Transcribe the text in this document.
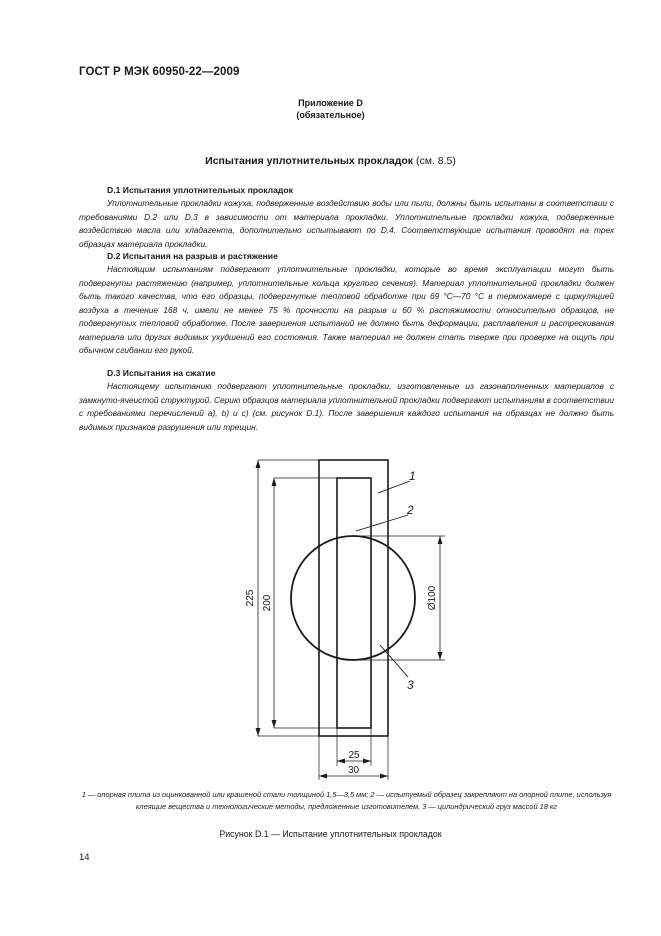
ГОСТ Р МЭК 60950-22—2009
Приложение D
(обязательное)
Испытания уплотнительных прокладок (см. 8.5)
D.1 Испытания уплотнительных прокладок

Уплотнительные прокладки кожуха, подверженные воздействию воды или пыли, должны быть испытаны в соответствии с требованиями D.2 или D.3 в зависимости от материала прокладки. Уплотнительные прокладки кожуха, подверженные воздействию масла или хладагента, дополнительно испытывают по D.4. Соответствующие испытания проводят на трех образцах материала прокладки.

D.2 Испытания на разрыв и растяжение

Настоящим испытаниям подвергают уплотнительные прокладки, которые во время эксплуатации могут быть подвергнуты растяжению (например, уплотнительные кольца круглого сечения). Материал уплотнительной прокладки должен быть такого качества, что его образцы, подвергнутые тепловой обработке при 69 °С—70 °С в термокамере с циркуляцией воздуха в течение 168 ч, имели не менее 75 % прочности на разрыв и 60 % растяжимости относительно образцов, не подвергнутых тепловой обработке. После завершения испытаний не должно быть деформации, расплавления и растрескивания материала или других видимых ухудшений его состояния. Также материал не должен стать тверже при проверке на ощупь при обычном сгибании его рукой.

D.3 Испытания на сжатие

Настоящему испытанию подвергают уплотнительные прокладки, изготовленные из газонаполненных материалов с замкнуто-ячеистой структурой. Серию образцов материала уплотнительной прокладки подвергают испытаниям в соответствии с требованиями перечислений а), b) и с) (см. рисунок D.1). После завершения каждого испытания на образцах не должно быть видимых признаков разрушения или трещин.

1
2
3
225 200	Ø100
25
30
1 — опорная плита из оцинкованной или крашеной стали толщиной 1,5—3,5 мм; 2 — испытуемый образец закрепляют на опорной плите, используя клеящие вещества и технологические методы, предложенные изготовителем, 3 — цилиндрический груз массой 18 кг
Рисунок D.1 — Испытание уплотнительных прокладок
14
